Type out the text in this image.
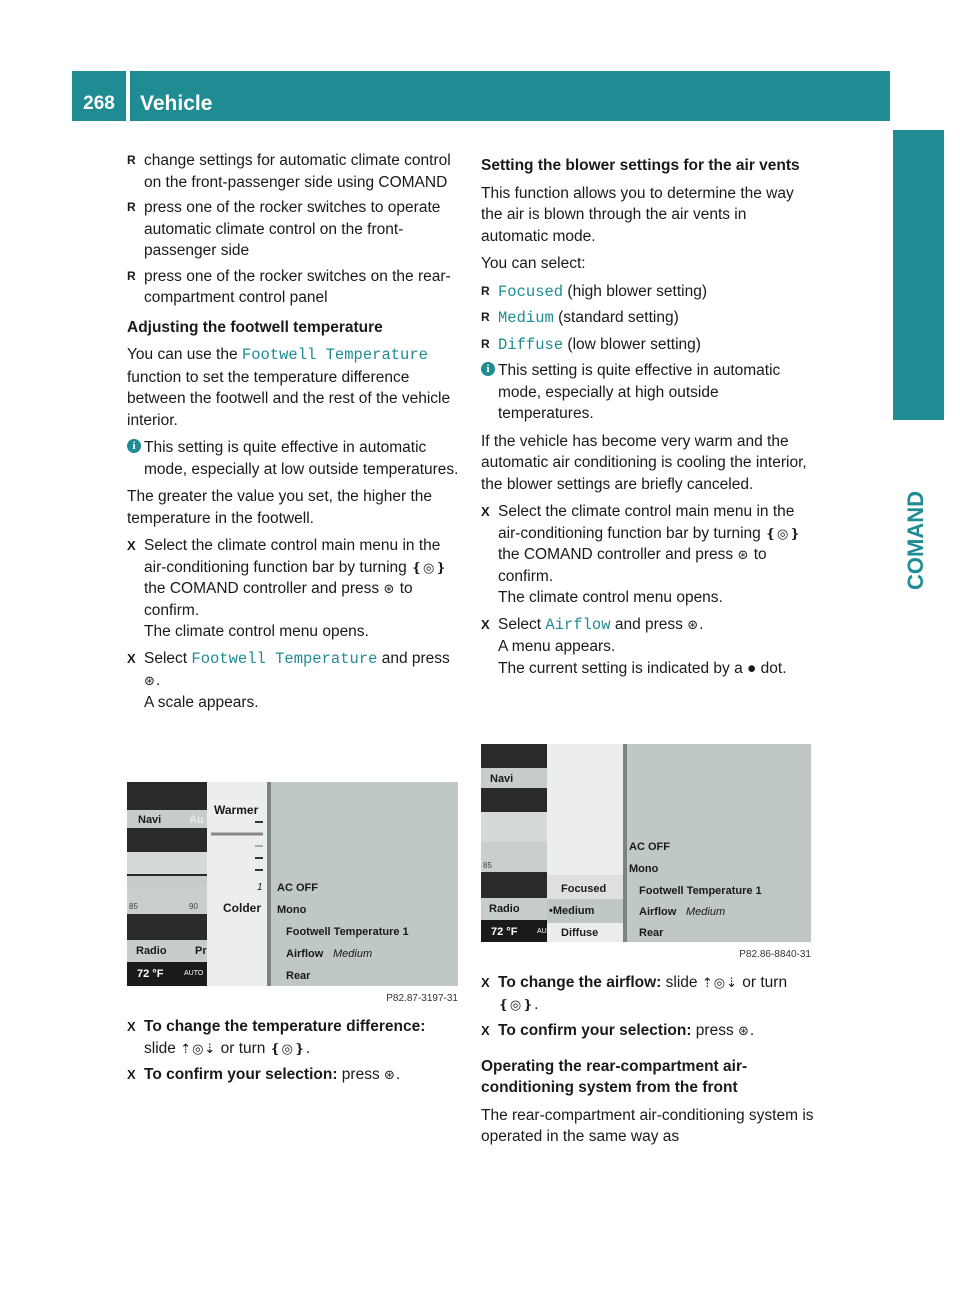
268	Vehicle
COMAND
R change settings for automatic climate control on the front-passenger side using COMAND
R press one of the rocker switches to operate automatic climate control on the front-passenger side
R press one of the rocker switches on the rear-compartment control panel

Adjusting the footwell temperature

You can use the Footwell Temperature function to set the temperature difference between the footwell and the rest of the vehicle interior.

i This setting is quite effective in automatic mode, especially at low outside temperatures.

The greater the value you set, the higher the temperature in the footwell.

X Select the climate control main menu in the air-conditioning function bar by turning ❴◎❵ the COMAND controller and press ⊛ to confirm.
The climate control menu opens.
X Select Footwell Temperature and press
⊛.
A scale appears.
Navi	Au
85	90
Radio	Pr
72 °F	AUTO
Warmer
1
Colder
AC OFF
Mono
Footwell Temperature 1
Airflow Medium
Rear
P82.87-3197-31
X To change the temperature difference:
slide ⇡◎⇣ or turn ❴◎❵.
X To confirm your selection: press ⊛.

Setting the blower settings for the air vents

This function allows you to determine the way the air is blown through the air vents in automatic mode.

You can select:

R Focused (high blower setting)
R Medium (standard setting)
R Diffuse (low blower setting)
i This setting is quite effective in automatic mode, especially at high outside temperatures.

If the vehicle has become very warm and the automatic air conditioning is cooling the interior, the blower settings are briefly canceled.

X Select the climate control main menu in the air-conditioning function bar by turning ❴◎❵ the COMAND controller and press ⊛ to confirm.
The climate control menu opens.
X Select Airflow and press ⊛.
A menu appears.
The current setting is indicated by a ● dot.
Navi
85
Radio
72 °F	AU
Focused
•Medium
Diffuse
AC OFF
Mono
Footwell Temperature 1
Airflow Medium
Rear
P82.86-8840-31
X To change the airflow: slide ⇡◎⇣ or turn
❴◎❵.
X To confirm your selection: press ⊛.

Operating the rear-compartment air-conditioning system from the front

The rear-compartment air-conditioning system is operated in the same way as
